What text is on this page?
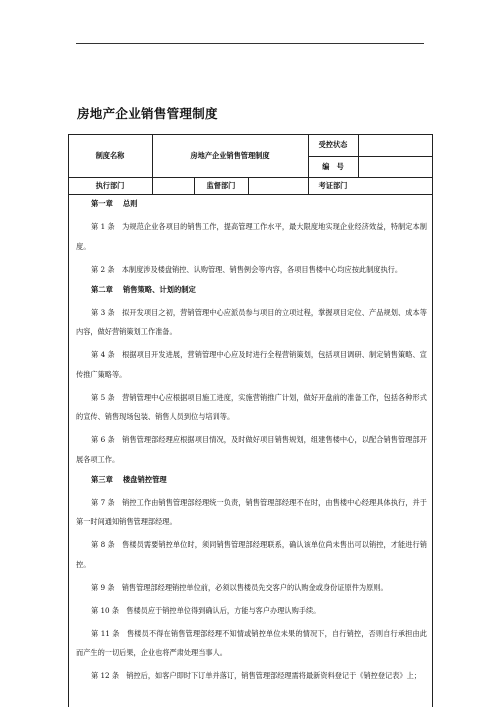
房地产企业销售管理制度
制度名称	房地产企业销售管理制度
受控状态
编　号
执行部门	监督部门	考证部门
第一章 总则

第 1 条　为规范企业各项目的销售工作，提高管理工作水平，最大限度地实现企业经济效益，特制定本制度。

第 2 条　本制度涉及楼盘销控、认购管理、销售例会等内容，各项目售楼中心均应按此制度执行。

第二章 销售策略、计划的制定

第 3 条　拟开发项目之初，营销管理中心应派员参与项目的立项过程，掌握项目定位、产品规划、成本等内容，做好营销策划工作准备。

第 4 条　根据项目开发进展，营销管理中心应及时进行全程营销策划，包括项目调研、制定销售策略、宣传推广策略等。

第 5 条　营销管理中心应根据项目施工进度，实施营销推广计划，做好开盘前的准备工作，包括各种形式的宣传、销售现场包装、销售人员到位与培训等。

第 6 条　销售管理部经理应根据项目情况，及时做好项目销售规划，组建售楼中心，以配合销售管理部开展各项工作。

第三章 楼盘销控管理

第 7 条　销控工作由销售管理部经理统一负责，销售管理部经理不在时，由售楼中心经理具体执行，并于第一时间通知销售管理部经理。

第 8 条　售楼员需要销控单位时，须同销售管理部经理联系，确认该单位尚未售出可以销控，才能进行销控。

第 9 条　销售管理部经理销控单位前，必须以售楼员先交客户的认购金或身份证原件为原则。

第 10 条　售楼员应于销控单位得到确认后，方能与客户办理认购手续。

第 11 条　售楼员不得在销售管理部经理不知情或销控单位未果的情况下，自行销控，否则自行承担由此而产生的一切后果，企业也将严肃处理当事人。

第 12 条　销控后，如客户即时下订单并落订，销售管理部经理需将最新资料登记于《销控登记表》上；
